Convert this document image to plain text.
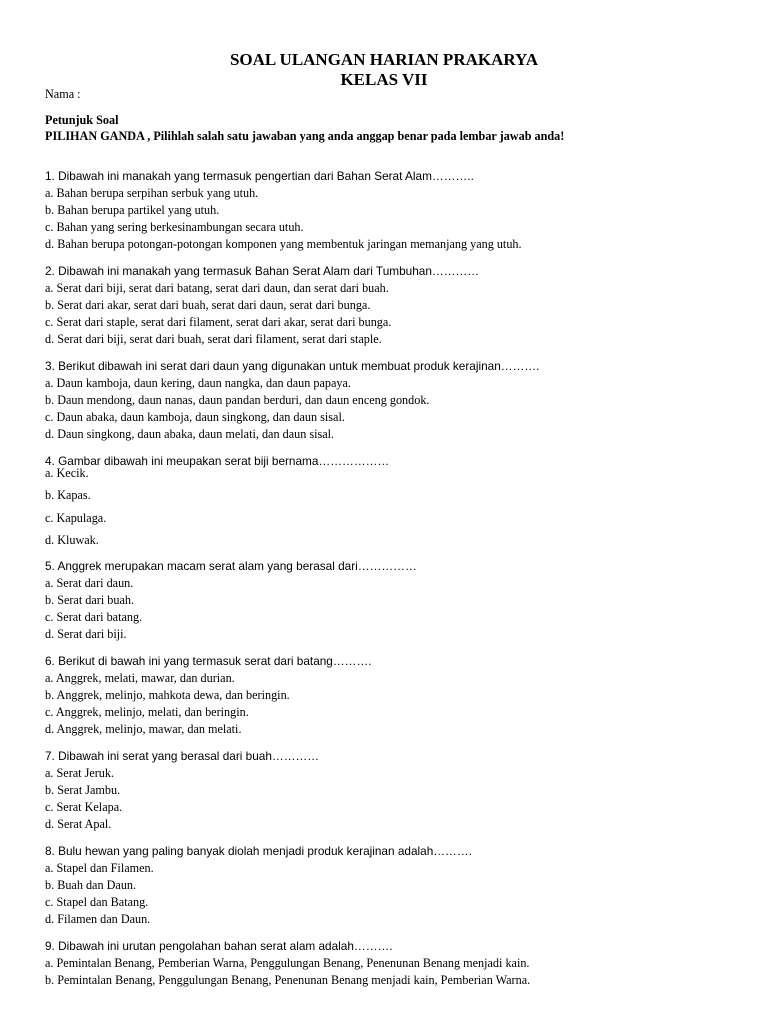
SOAL ULANGAN HARIAN PRAKARYA
KELAS VII
Nama :
Petunjuk Soal
PILIHAN GANDA , Pilihlah salah satu jawaban yang anda anggap benar pada lembar jawab anda!
1. Dibawah ini manakah yang termasuk pengertian dari Bahan Serat Alam………..
a. Bahan berupa serpihan serbuk yang utuh.
b. Bahan berupa partikel yang utuh.
c. Bahan yang sering berkesinambungan secara utuh.
d. Bahan berupa potongan-potongan komponen yang membentuk jaringan memanjang yang utuh.
2. Dibawah ini manakah yang termasuk Bahan Serat Alam dari Tumbuhan…………
a. Serat dari biji, serat dari batang, serat dari daun, dan serat dari buah.
b. Serat dari akar, serat dari buah, serat dari daun, serat dari bunga.
c. Serat dari staple, serat dari filament, serat dari akar, serat dari bunga.
d. Serat dari biji, serat dari buah, serat dari filament, serat dari staple.
3. Berikut dibawah ini serat dari daun yang digunakan untuk membuat produk kerajinan……….
a. Daun kamboja, daun kering, daun nangka, dan daun papaya.
b. Daun mendong, daun nanas, daun pandan berduri, dan daun enceng gondok.
c. Daun abaka, daun kamboja, daun singkong, dan daun sisal.
d. Daun singkong, daun abaka, daun melati, dan daun sisal.
4. Gambar dibawah ini meupakan serat biji bernama………………
a. Kecik.
b. Kapas.
c. Kapulaga.
d. Kluwak.
5. Anggrek merupakan macam serat alam yang berasal dari……………
a. Serat dari daun.
b. Serat dari buah.
c. Serat dari batang.
d. Serat dari biji.
6. Berikut di bawah ini yang termasuk serat dari batang……….
a. Anggrek, melati, mawar, dan durian.
b. Anggrek, melinjo, mahkota dewa, dan beringin.
c. Anggrek, melinjo, melati, dan beringin.
d. Anggrek, melinjo, mawar, dan melati.
7. Dibawah ini serat yang berasal dari buah…………
a. Serat Jeruk.
b. Serat Jambu.
c. Serat Kelapa.
d. Serat Apal.
8. Bulu hewan yang paling banyak diolah menjadi produk kerajinan adalah……….
a. Stapel dan Filamen.
b. Buah dan Daun.
c. Stapel dan Batang.
d. Filamen dan Daun.
9. Dibawah ini urutan pengolahan bahan serat alam adalah……….
a. Pemintalan Benang, Pemberian Warna, Penggulungan Benang, Penenunan Benang menjadi kain.
b. Pemintalan Benang, Penggulungan Benang, Penenunan Benang menjadi kain, Pemberian Warna.
